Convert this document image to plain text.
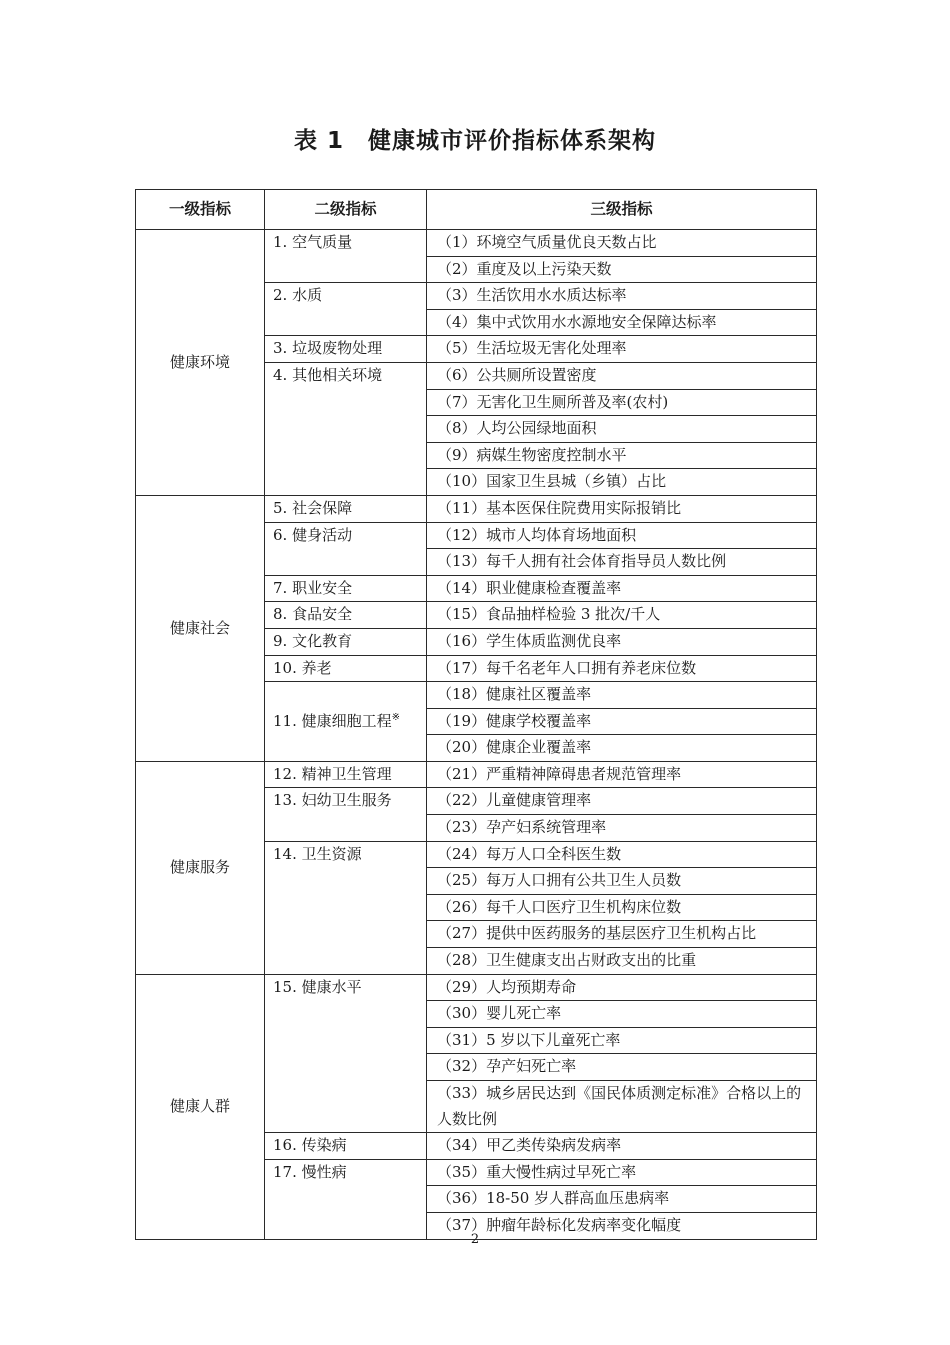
表 1　健康城市评价指标体系架构
一级指标	二级指标	三级指标
健康环境	1. 空气质量	（1）环境空气质量优良天数占比
		（2）重度及以上污染天数
	2. 水质	（3）生活饮用水水质达标率
		（4）集中式饮用水水源地安全保障达标率
	3. 垃圾废物处理	（5）生活垃圾无害化处理率
	4. 其他相关环境	（6）公共厕所设置密度
		（7）无害化卫生厕所普及率(农村)
		（8）人均公园绿地面积
		（9）病媒生物密度控制水平
		（10）国家卫生县城（乡镇）占比
健康社会	5. 社会保障	（11）基本医保住院费用实际报销比
	6. 健身活动	（12）城市人均体育场地面积
		（13）每千人拥有社会体育指导员人数比例
	7. 职业安全	（14）职业健康检查覆盖率
	8. 食品安全	（15）食品抽样检验 3 批次/千人
	9. 文化教育	（16）学生体质监测优良率
	10. 养老	（17）每千名老年人口拥有养老床位数
	11. 健康细胞工程※	（18）健康社区覆盖率
		（19）健康学校覆盖率
		（20）健康企业覆盖率
健康服务	12. 精神卫生管理	（21）严重精神障碍患者规范管理率
	13. 妇幼卫生服务	（22）儿童健康管理率
		（23）孕产妇系统管理率
	14. 卫生资源	（24）每万人口全科医生数
		（25）每万人口拥有公共卫生人员数
		（26）每千人口医疗卫生机构床位数
		（27）提供中医药服务的基层医疗卫生机构占比
		（28）卫生健康支出占财政支出的比重
健康人群	15. 健康水平	（29）人均预期寿命
		（30）婴儿死亡率
		（31）5 岁以下儿童死亡率
		（32）孕产妇死亡率
		（33）城乡居民达到《国民体质测定标准》合格以上的人数比例
	16. 传染病	（34）甲乙类传染病发病率
	17. 慢性病	（35）重大慢性病过早死亡率
		（36）18-50 岁人群高血压患病率
		（37）肿瘤年龄标化发病率变化幅度
2
